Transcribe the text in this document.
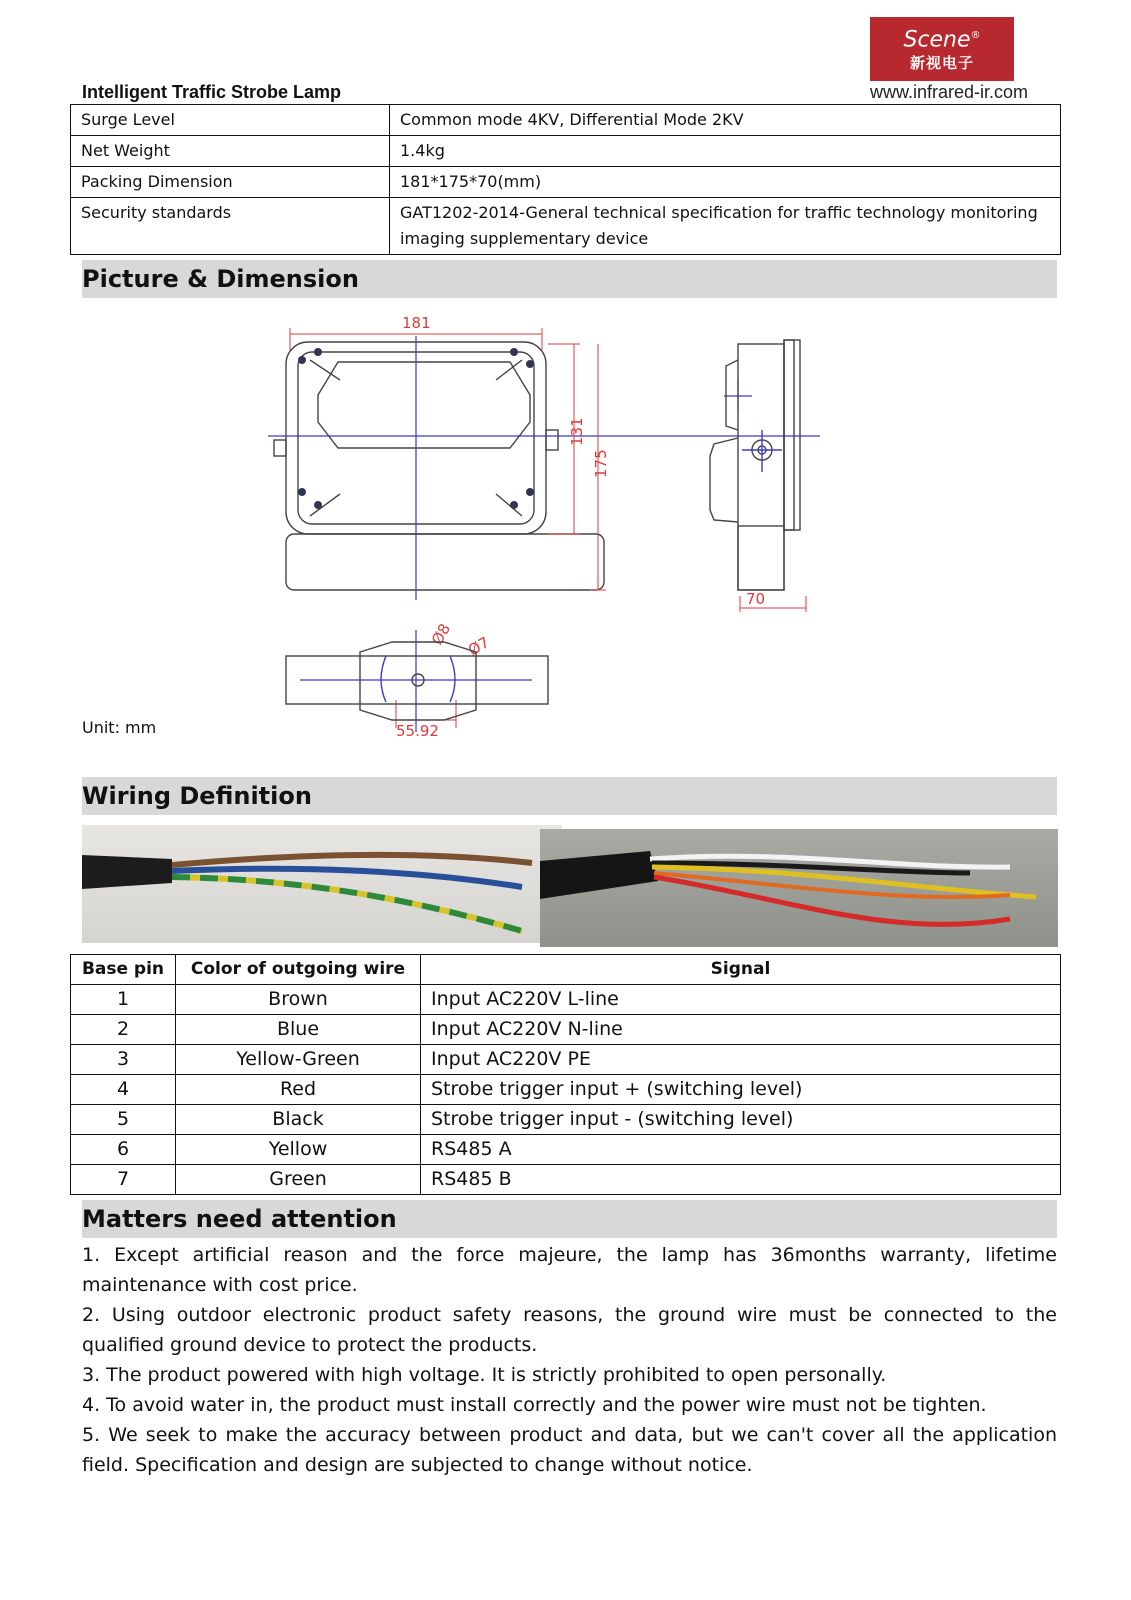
Scene®
新视电子
www.infrared-ir.com
Intelligent Traffic Strobe Lamp
Surge Level	Common mode 4KV, Differential Mode 2KV
Net Weight	1.4kg
Packing Dimension	181*175*70(mm)
Security standards	GAT1202-2014-General technical specification for traffic technology monitoring imaging supplementary device
Picture & Dimension
181
131
175
70
Ø8 Ø7
55.92
Unit: mm
Wiring Definition
Base pin	Color of outgoing wire	Signal
1	Brown	Input AC220V L-line
2	Blue	Input AC220V N-line
3	Yellow-Green	Input AC220V PE
4	Red	Strobe trigger input + (switching level)
5	Black	Strobe trigger input - (switching level)
6	Yellow	RS485 A
7	Green	RS485 B
Matters need attention

1. Except artificial reason and the force majeure, the lamp has 36months warranty, lifetime maintenance with cost price.

2. Using outdoor electronic product safety reasons, the ground wire must be connected to the qualified ground device to protect the products.

3. The product powered with high voltage. It is strictly prohibited to open personally.

4. To avoid water in, the product must install correctly and the power wire must not be tighten.

5. We seek to make the accuracy between product and data, but we can't cover all the application field. Specification and design are subjected to change without notice.
